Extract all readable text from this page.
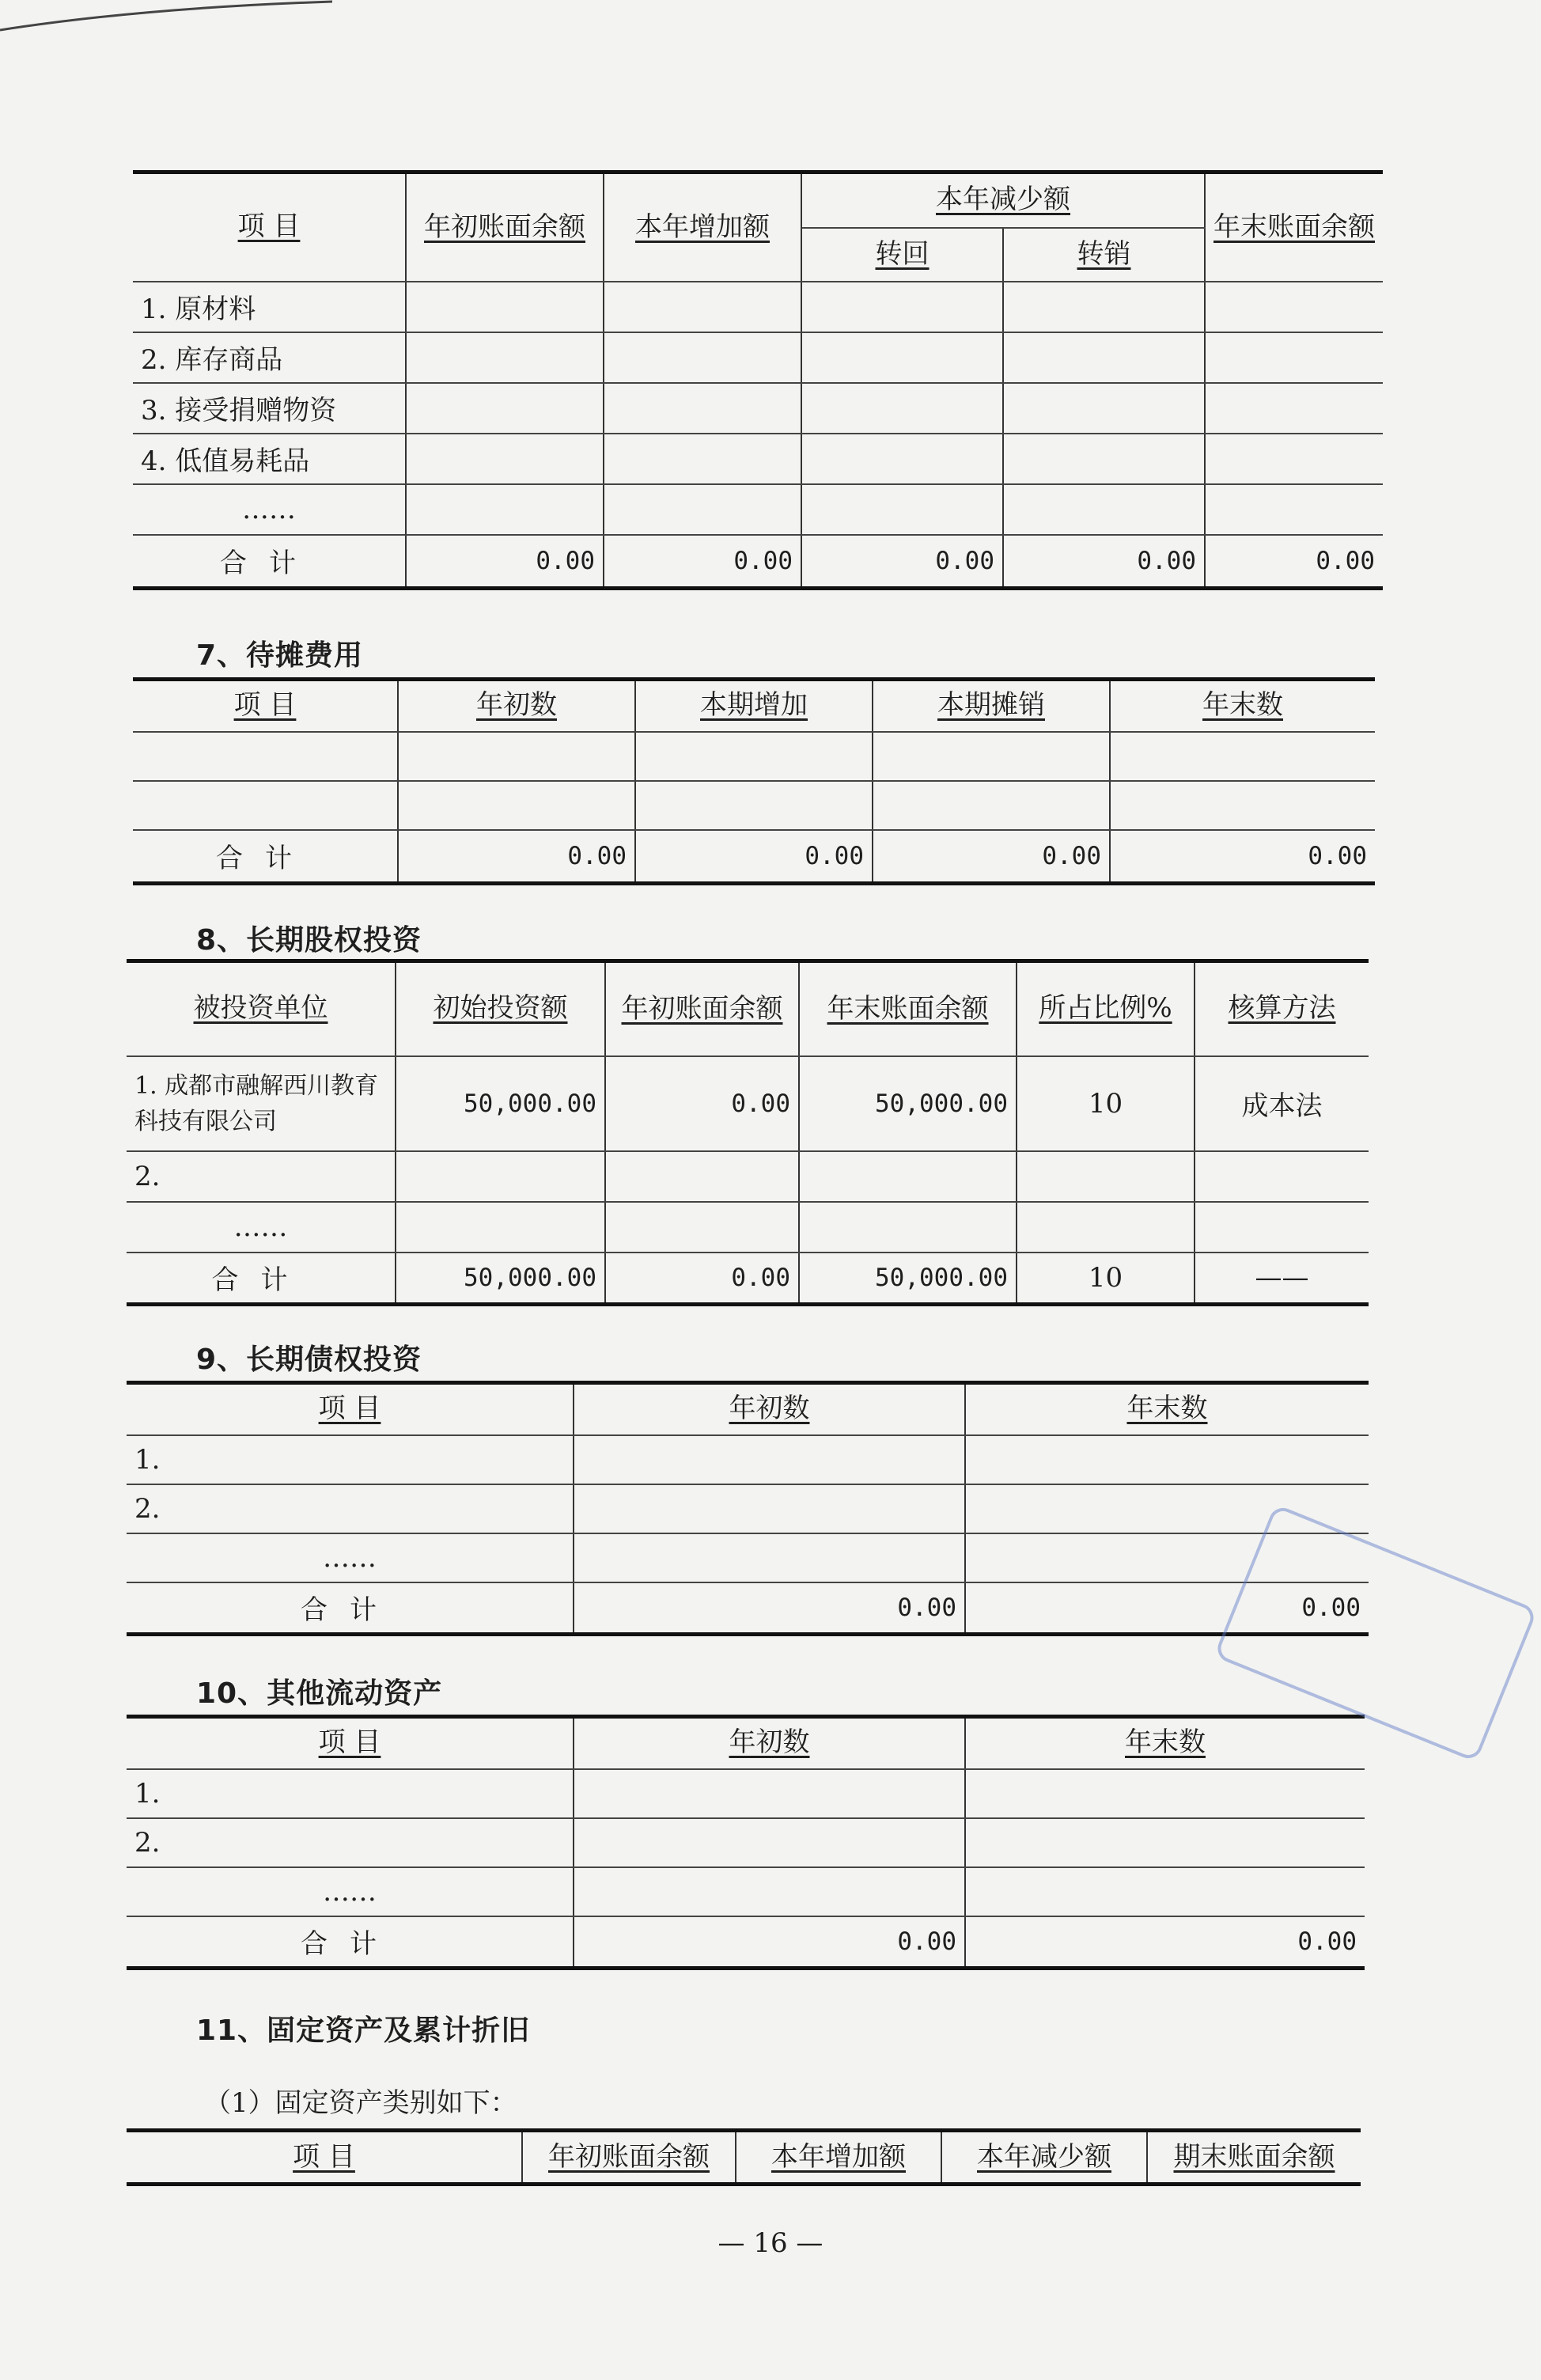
项 目	年初账面余额	本年增加额	本年减少额		年末账面余额
			转回	转销	
1. 原材料					
2. 库存商品					
3. 接受捐赠物资					
4. 低值易耗品					
……					
合计	0.00	0.00	0.00	0.00	0.00
7、待摊费用
项 目	年初数	本期增加	本期摊销	年末数

合计	0.00	0.00	0.00	0.00
8、长期股权投资
被投资单位	初始投资额	年初账面余额	年末账面余额	所占比例%	核算方法
1. 成都市融解西川教育科技有限公司	50,000.00	0.00	50,000.00	10	成本法
2.					
……					
合计	50,000.00	0.00	50,000.00	10	——
9、长期债权投资
项 目	年初数	年末数
1.		
2.		
……		
合计	0.00	0.00
10、其他流动资产
项 目	年初数	年末数
1.		
2.		
……		
合计	0.00	0.00
11、固定资产及累计折旧
（1）固定资产类别如下：
项 目	年初账面余额	本年增加额	本年减少额	期末账面余额
— 16 —
